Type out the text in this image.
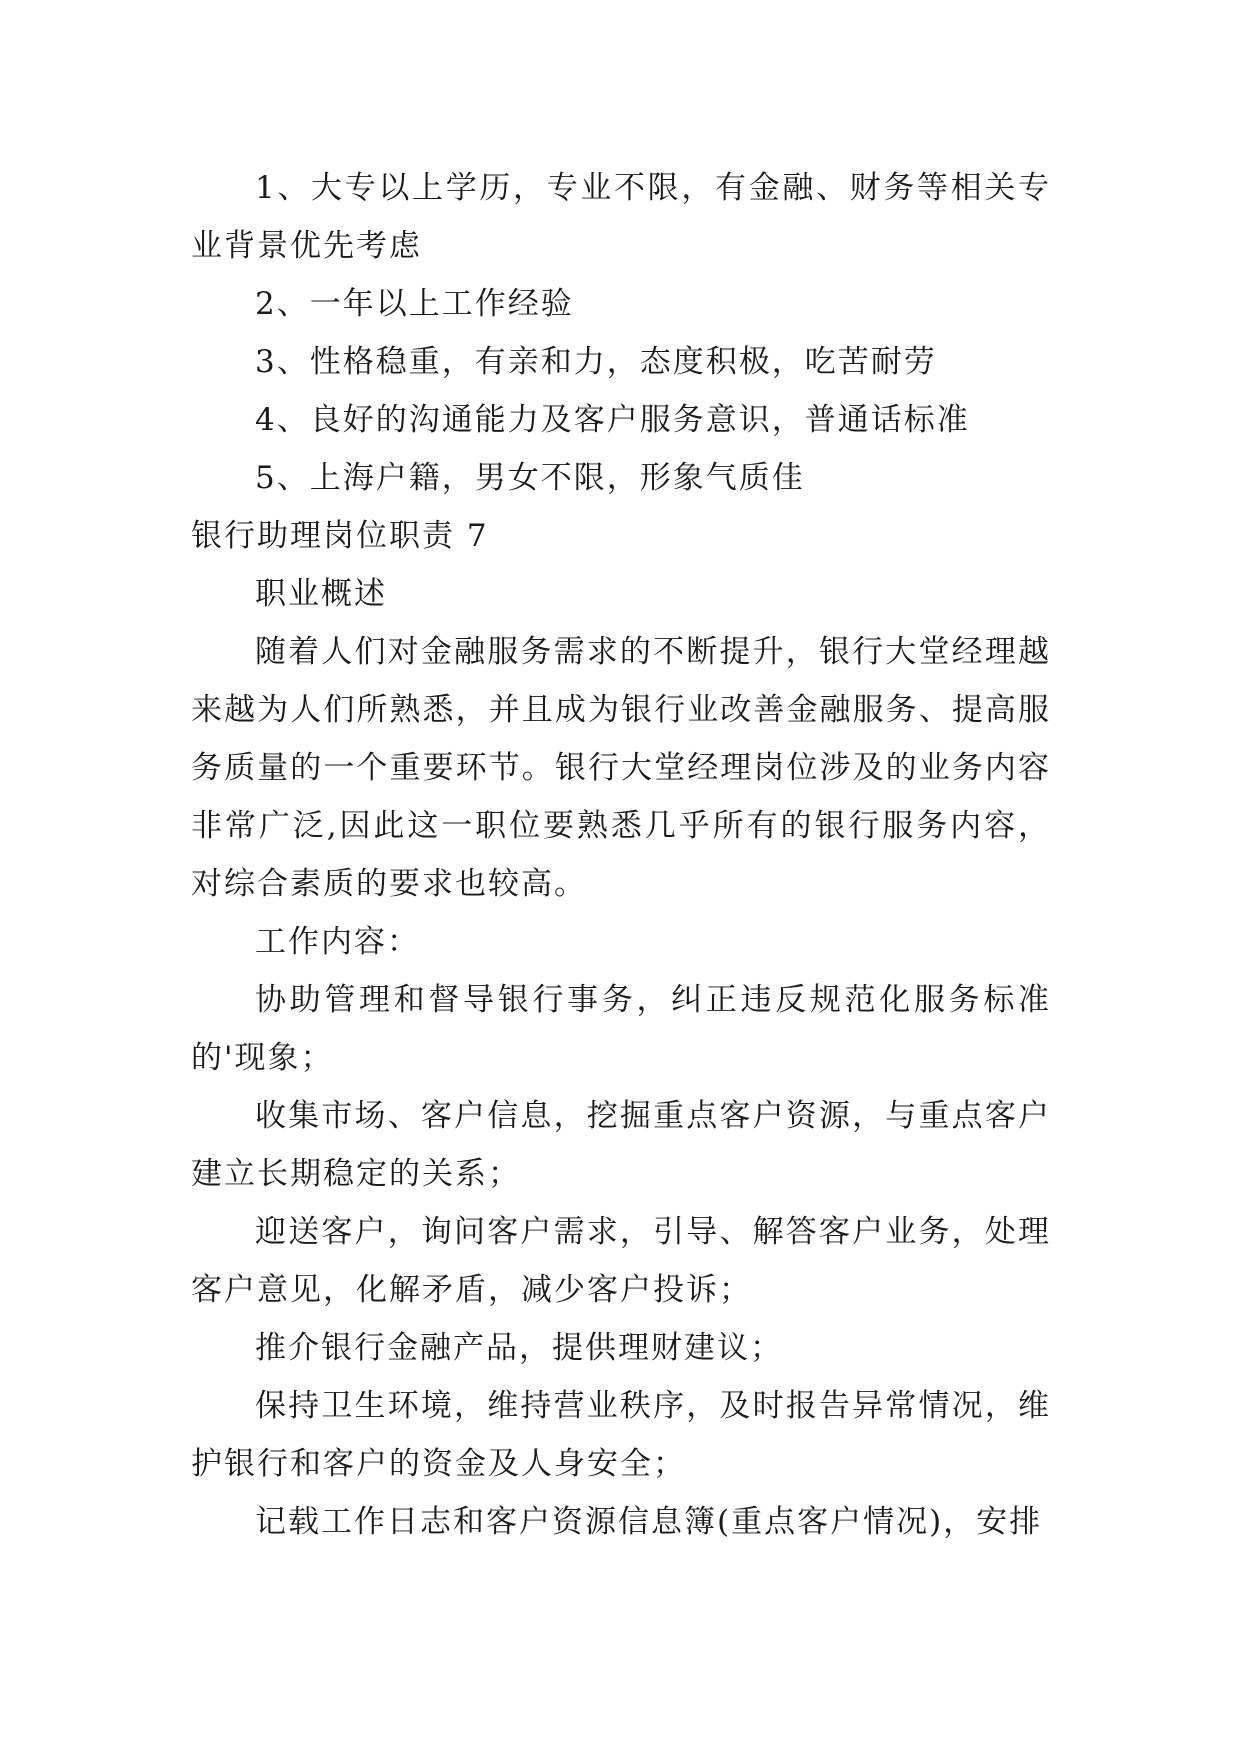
1、大专以上学历，专业不限，有金融、财务等相关专业背景优先考虑

2、一年以上工作经验

3、性格稳重，有亲和力，态度积极，吃苦耐劳

4、良好的沟通能力及客户服务意识，普通话标准

5、上海户籍，男女不限，形象气质佳

银行助理岗位职责 7

职业概述

随着人们对金融服务需求的不断提升，银行大堂经理越来越为人们所熟悉，并且成为银行业改善金融服务、提高服务质量的一个重要环节。银行大堂经理岗位涉及的业务内容非常广泛,因此这一职位要熟悉几乎所有的银行服务内容，对综合素质的要求也较高。

工作内容：

协助管理和督导银行事务，纠正违反规范化服务标准的'现象；

收集市场、客户信息，挖掘重点客户资源，与重点客户建立长期稳定的关系；

迎送客户，询问客户需求，引导、解答客户业务，处理客户意见，化解矛盾，减少客户投诉；

推介银行金融产品，提供理财建议；

保持卫生环境，维持营业秩序，及时报告异常情况，维护银行和客户的资金及人身安全；

记载工作日志和客户资源信息簿(重点客户情况)，安排
